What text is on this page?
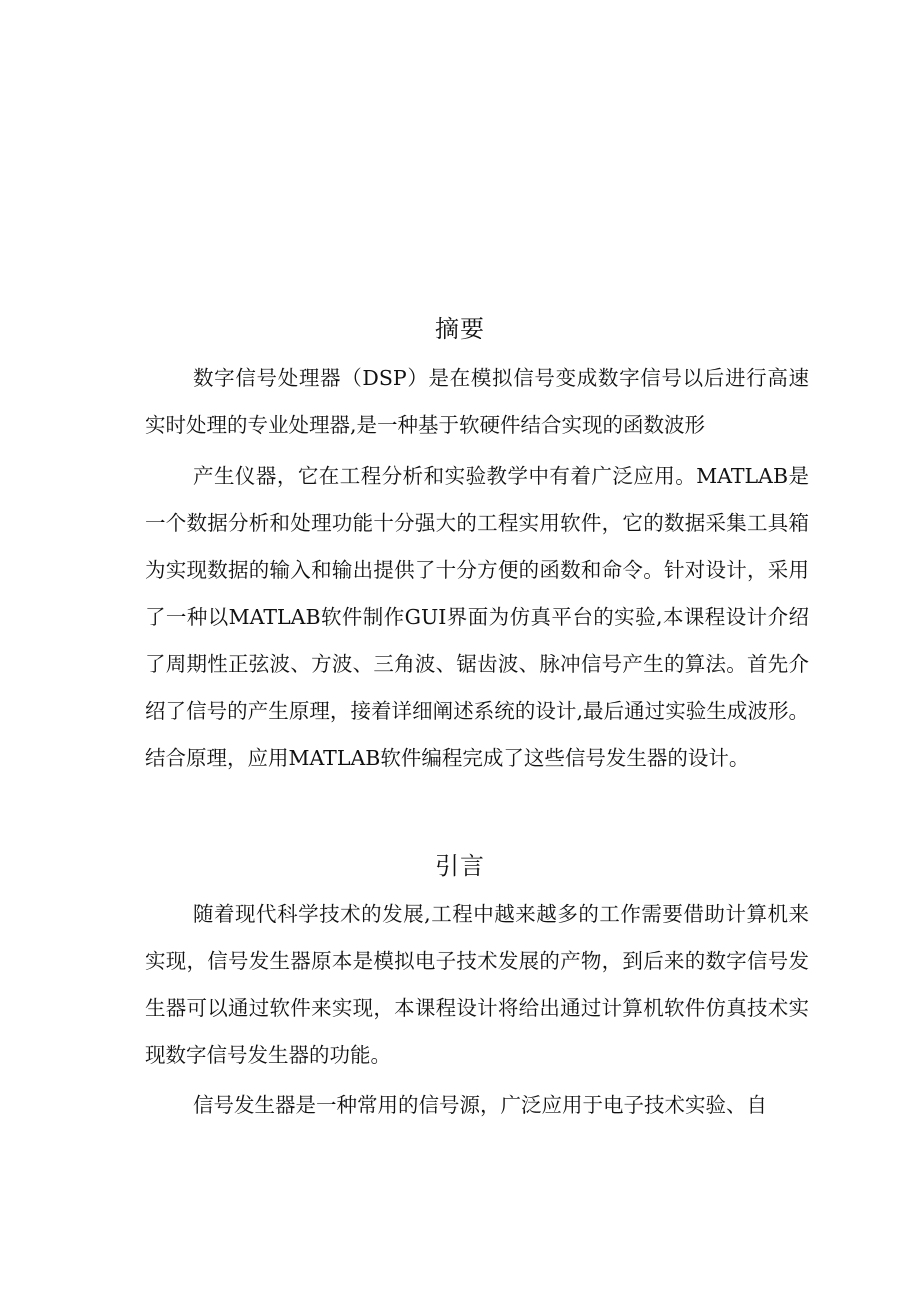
摘要

数字信号处理器（DSP）是在模拟信号变成数字信号以后进行高速实时处理的专业处理器,是一种基于软硬件结合实现的函数波形

产生仪器，它在工程分析和实验教学中有着广泛应用。MATLAB是一个数据分析和处理功能十分强大的工程实用软件，它的数据采集工具箱为实现数据的输入和输出提供了十分方便的函数和命令。针对设计，采用了一种以MATLAB软件制作GUI界面为仿真平台的实验,本课程设计介绍了周期性正弦波、方波、三角波、锯齿波、脉冲信号产生的算法。首先介绍了信号的产生原理，接着详细阐述系统的设计,最后通过实验生成波形。结合原理，应用MATLAB软件编程完成了这些信号发生器的设计。

引言

随着现代科学技术的发展,工程中越来越多的工作需要借助计算机来实现，信号发生器原本是模拟电子技术发展的产物，到后来的数字信号发生器可以通过软件来实现，本课程设计将给出通过计算机软件仿真技术实现数字信号发生器的功能。

信号发生器是一种常用的信号源，广泛应用于电子技术实验、自
